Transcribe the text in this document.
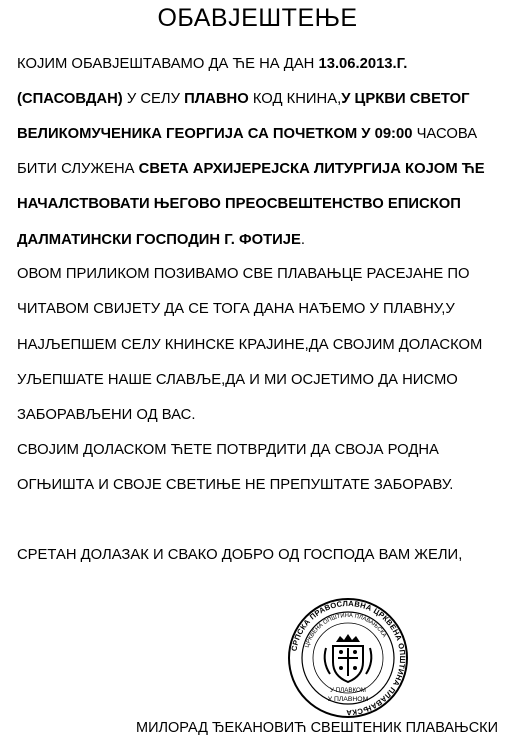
ОБАВЈЕШТЕЊЕ
КОЈИМ ОБАВЈЕШТАВАМО ДА ЋЕ НА ДАН 13.06.2013.Г.
(СПАСОВДАН) У СЕЛУ ПЛАВНО КОД КНИНА,У ЦРКВИ СВЕТОГ
ВЕЛИКОМУЧЕНИКА ГЕОРГИЈА СА ПОЧЕТКОМ У 09:00 ЧАСОВА
БИТИ СЛУЖЕНА СВЕТА АРХИЈЕРЕЈСКА ЛИТУРГИЈА КОЈОМ ЋЕ
НАЧАЛСТВОВАТИ ЊЕГОВО ПРЕОСВЕШТЕНСТВО ЕПИСКОП
ДАЛМАТИНСКИ ГОСПОДИН Г. ФОТИЈЕ.
ОВОМ ПРИЛИКОМ ПОЗИВАМО СВЕ ПЛАВАЊЦЕ РАСЕЈАНЕ ПО
ЧИТАВОМ СВИЈЕТУ ДА СЕ ТОГА ДАНА НАЂЕМО У ПЛАВНУ,У
НАЈЉЕПШЕМ СЕЛУ КНИНСКЕ КРАЈИНЕ,ДА СВОЈИМ ДОЛАСКОМ
УЉЕПШАТЕ НАШЕ СЛАВЉЕ,ДА И МИ ОСЈЕТИМО ДА НИСМО
ЗАБОРАВЉЕНИ ОД ВАС.
СВОЈИМ ДОЛАСКОМ ЋЕТЕ ПОТВРДИТИ ДА СВОЈА РОДНА
ОГЊИШТА И СВОЈЕ СВЕТИЊЕ НЕ ПРЕПУШТАТЕ ЗАБОРАВУ.
СРЕТАН ДОЛАЗАК И СВАКО ДОБРО ОД ГОСПОДА ВАМ ЖЕЛИ,
СРПСКА ПРАВОСЛАВНА ЦРКВЕНА ОПШТИНА ПЛАВАЊСКА
ЦРКВЕНА ОПШТИНА ПЛАВАЊСКА
У ПЛАВКОМ
У ПЛАВНОМ
МИЛОРАД ЂЕКАНОВИЋ СВЕШТЕНИК ПЛАВАЊСКИ
